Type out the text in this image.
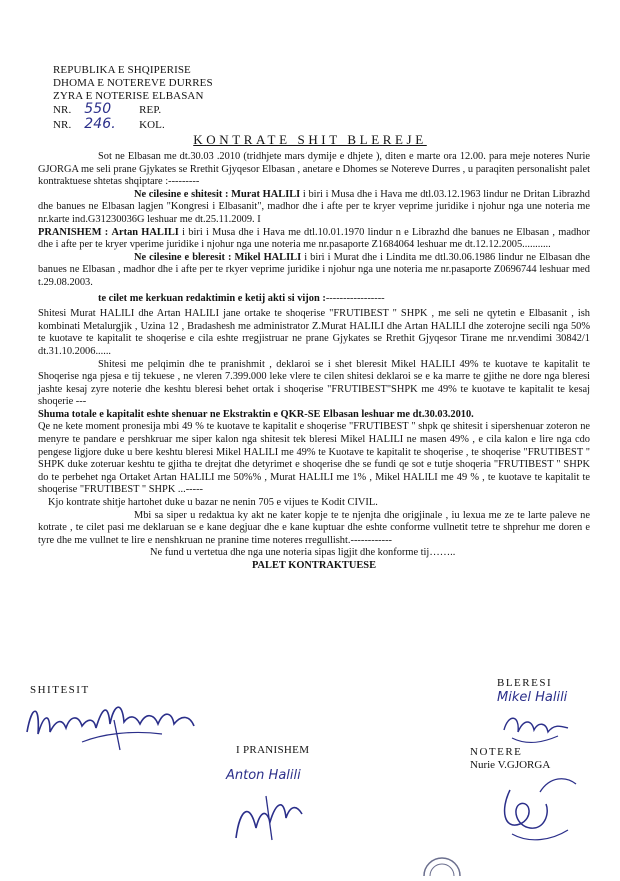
REPUBLIKA E SHQIPERISE
DHOMA E NOTEREVE DURRES
ZYRA E NOTERISE ELBASAN
NR. 550	REP.
NR. 246. KOL.
KONTRATE SHIT BLEREJE

Sot ne Elbasan me dt.30.03 .2010 (tridhjete mars dymije e dhjete ), diten e marte ora 12.00. para meje noteres Nurie GJORGA me seli prane Gjykates se Rrethit Gjyqesor Elbasan , anetare e Dhomes se Notereve Durres , u paraqiten personalisht palet kontraktuese shtetas shqiptare :---------

Ne cilesine e shitesit : Murat HALILI i biri i Musa dhe i Hava me dtl.03.12.1963 lindur ne Dritan Librazhd dhe banues ne Elbasan lagjen "Kongresi i Elbasanit", madhor dhe i afte per te kryer veprime juridike i njohur nga une noteria me nr.karte ind.G31230036G leshuar me dt.25.11.2009. I

PRANISHEM : Artan HALILI i biri i Musa dhe i Hava me dtl.10.01.1970 lindur n e Librazhd dhe banues ne Elbasan , madhor dhe i afte per te kryer vperime juridike i njohur nga une noteria me nr.pasaporte Z1684064 leshuar me dt.12.12.2005...........

Ne cilesine e bleresit : Mikel HALILI i biri i Murat dhe i Lindita me dtl.30.06.1986 lindur ne Elbasan dhe banues ne Elbasan , madhor dhe i afte per te rkyer veprime juridike i njohur nga une noteria me nr.pasaporte Z0696744 leshuar med t.29.08.2003.

te cilet me kerkuan redaktimin e ketij akti si vijon :-----------------

Shitesi Murat HALILI dhe Artan HALILI jane ortake te shoqerise "FRUTIBEST " SHPK , me seli ne qytetin e Elbasanit , ish kombinati Metalurgjik , Uzina 12 , Bradashesh me administrator Z.Murat HALILI dhe Artan HALILI dhe zoterojne secili nga 50% te kuotave te kapitalit te shoqerise e cila eshte rregjistruar ne prane Gjykates se Rrethit Gjyqesor Tirane me nr.vendimi 30842/1 dt.31.10.2006......

Shitesi me pelqimin dhe te pranishmit , deklaroi se i shet bleresit Mikel HALILI 49% te kuotave te kapitalit te Shoqerise nga pjesa e tij tekuese , ne vleren 7.399.000 leke vlere te cilen shitesi deklaroi se e ka marre te gjithe ne dore nga bleresi jashte kesaj zyre noterie dhe keshtu bleresi behet ortak i shoqerise "FRUTIBEST"SHPK me 49% te kuotave te kapitalit te kesaj shoqerie ---

Shuma totale e kapitalit eshte shenuar ne Ekstraktin e QKR-SE Elbasan leshuar me dt.30.03.2010.

Qe ne kete moment pronesija mbi 49 % te kuotave te kapitalit e shoqerise "FRUTIBEST " shpk qe shitesit i sipershenuar zoteron ne menyre te pandare e pershkruar me siper kalon nga shitesit tek bleresi Mikel HALILI ne masen 49% , e cila kalon e lire nga cdo pengese ligjore duke u bere keshtu bleresi Mikel HALILI me 49% te Kuotave te kapitalit te shoqerise , te shoqerise "FRUTIBEST " SHPK duke zoteruar keshtu te gjitha te drejtat dhe detyrimet e shoqerise dhe se fundi qe sot e tutje shoqeria "FRUTIBEST " SHPK do te perbehet nga Ortaket Artan HALILI me 50%% , Murat HALILI me 1% , Mikel HALILI me 49 % , te kuotave te kapitalit te shoqerise "FRUTIBEST " SHPK ...-----

Kjo kontrate shitje hartohet duke u bazar ne nenin 705 e vijues te Kodit CIVIL.

Mbi sa siper u redaktua ky akt ne kater kopje te te njenjta dhe origjinale , iu lexua me ze te larte paleve ne kotrate , te cilet pasi me deklaruan se e kane degjuar dhe e kane kuptuar dhe eshte conforme vullnetit tetre te shprehur me doren e tyre dhe me vullnet te lire e nenshkruan ne pranine time noteres rregullisht.------------

Ne fund u vertetua dhe nga une noteria sipas ligjit dhe konforme tij……..

PALET KONTRAKTUESE

SHITESIT
BLERESI
Mikel Halili
I PRANISHEM
Anton Halili
NOTERE
Nurie V.GJORGA
